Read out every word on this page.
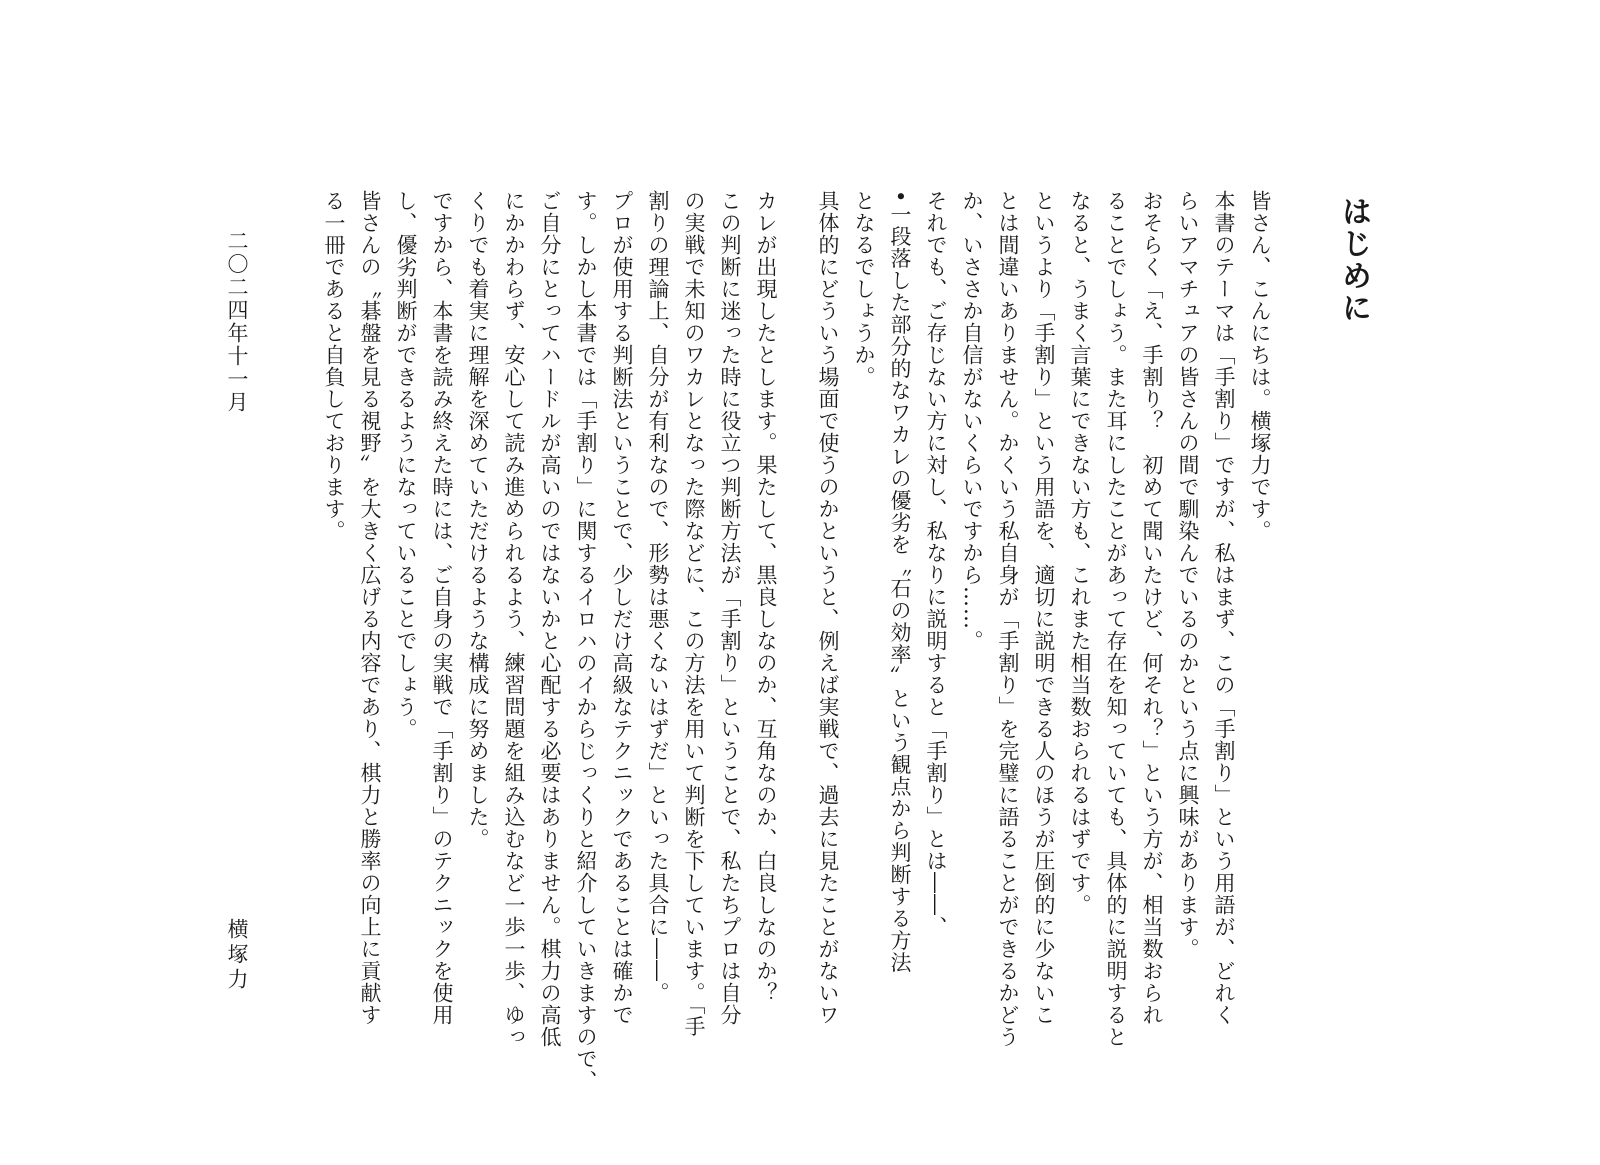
はじめに
皆さん、こんにちは。横塚力です。
本書のテーマは「手割り」ですが、私はまず、この「手割り」という用語が、どれく
らいアマチュアの皆さんの間で馴染んでいるのかという点に興味があります。
おそらく「え、手割り？　初めて聞いたけど、何それ？」という方が、相当数おられ
ることでしょう。また耳にしたことがあって存在を知っていても、具体的に説明すると
なると、うまく言葉にできない方も、これまた相当数おられるはずです。
というより「手割り」という用語を、適切に説明できる人のほうが圧倒的に少ないこ
とは間違いありません。かくいう私自身が「手割り」を完璧に語ることができるかどう
か、いささか自信がないくらいですから……。
それでも、ご存じない方に対し、私なりに説明すると「手割り」とは――、
•一段落した部分的なワカレの優劣を〝石の効率〟という観点から判断する方法
となるでしょうか。
具体的にどういう場面で使うのかというと、例えば実戦で、過去に見たことがないワ
カレが出現したとします。果たして、黒良しなのか、互角なのか、白良しなのか？
この判断に迷った時に役立つ判断方法が「手割り」ということで、私たちプロは自分
の実戦で未知のワカレとなった際などに、この方法を用いて判断を下しています。「手
割りの理論上、自分が有利なので、形勢は悪くないはずだ」といった具合に――。
プロが使用する判断法ということで、少しだけ高級なテクニックであることは確かで
す。しかし本書では「手割り」に関するイロハのイからじっくりと紹介していきますので、
ご自分にとってハードルが高いのではないかと心配する必要はありません。棋力の高低
にかかわらず、安心して読み進められるよう、練習問題を組み込むなど一歩一歩、ゆっ
くりでも着実に理解を深めていただけるような構成に努めました。
ですから、本書を読み終えた時には、ご自身の実戦で「手割り」のテクニックを使用
し、優劣判断ができるようになっていることでしょう。
皆さんの〝碁盤を見る視野〟を大きく広げる内容であり、棋力と勝率の向上に貢献す
る一冊であると自負しております。
二〇二四年十一月
横塚力
